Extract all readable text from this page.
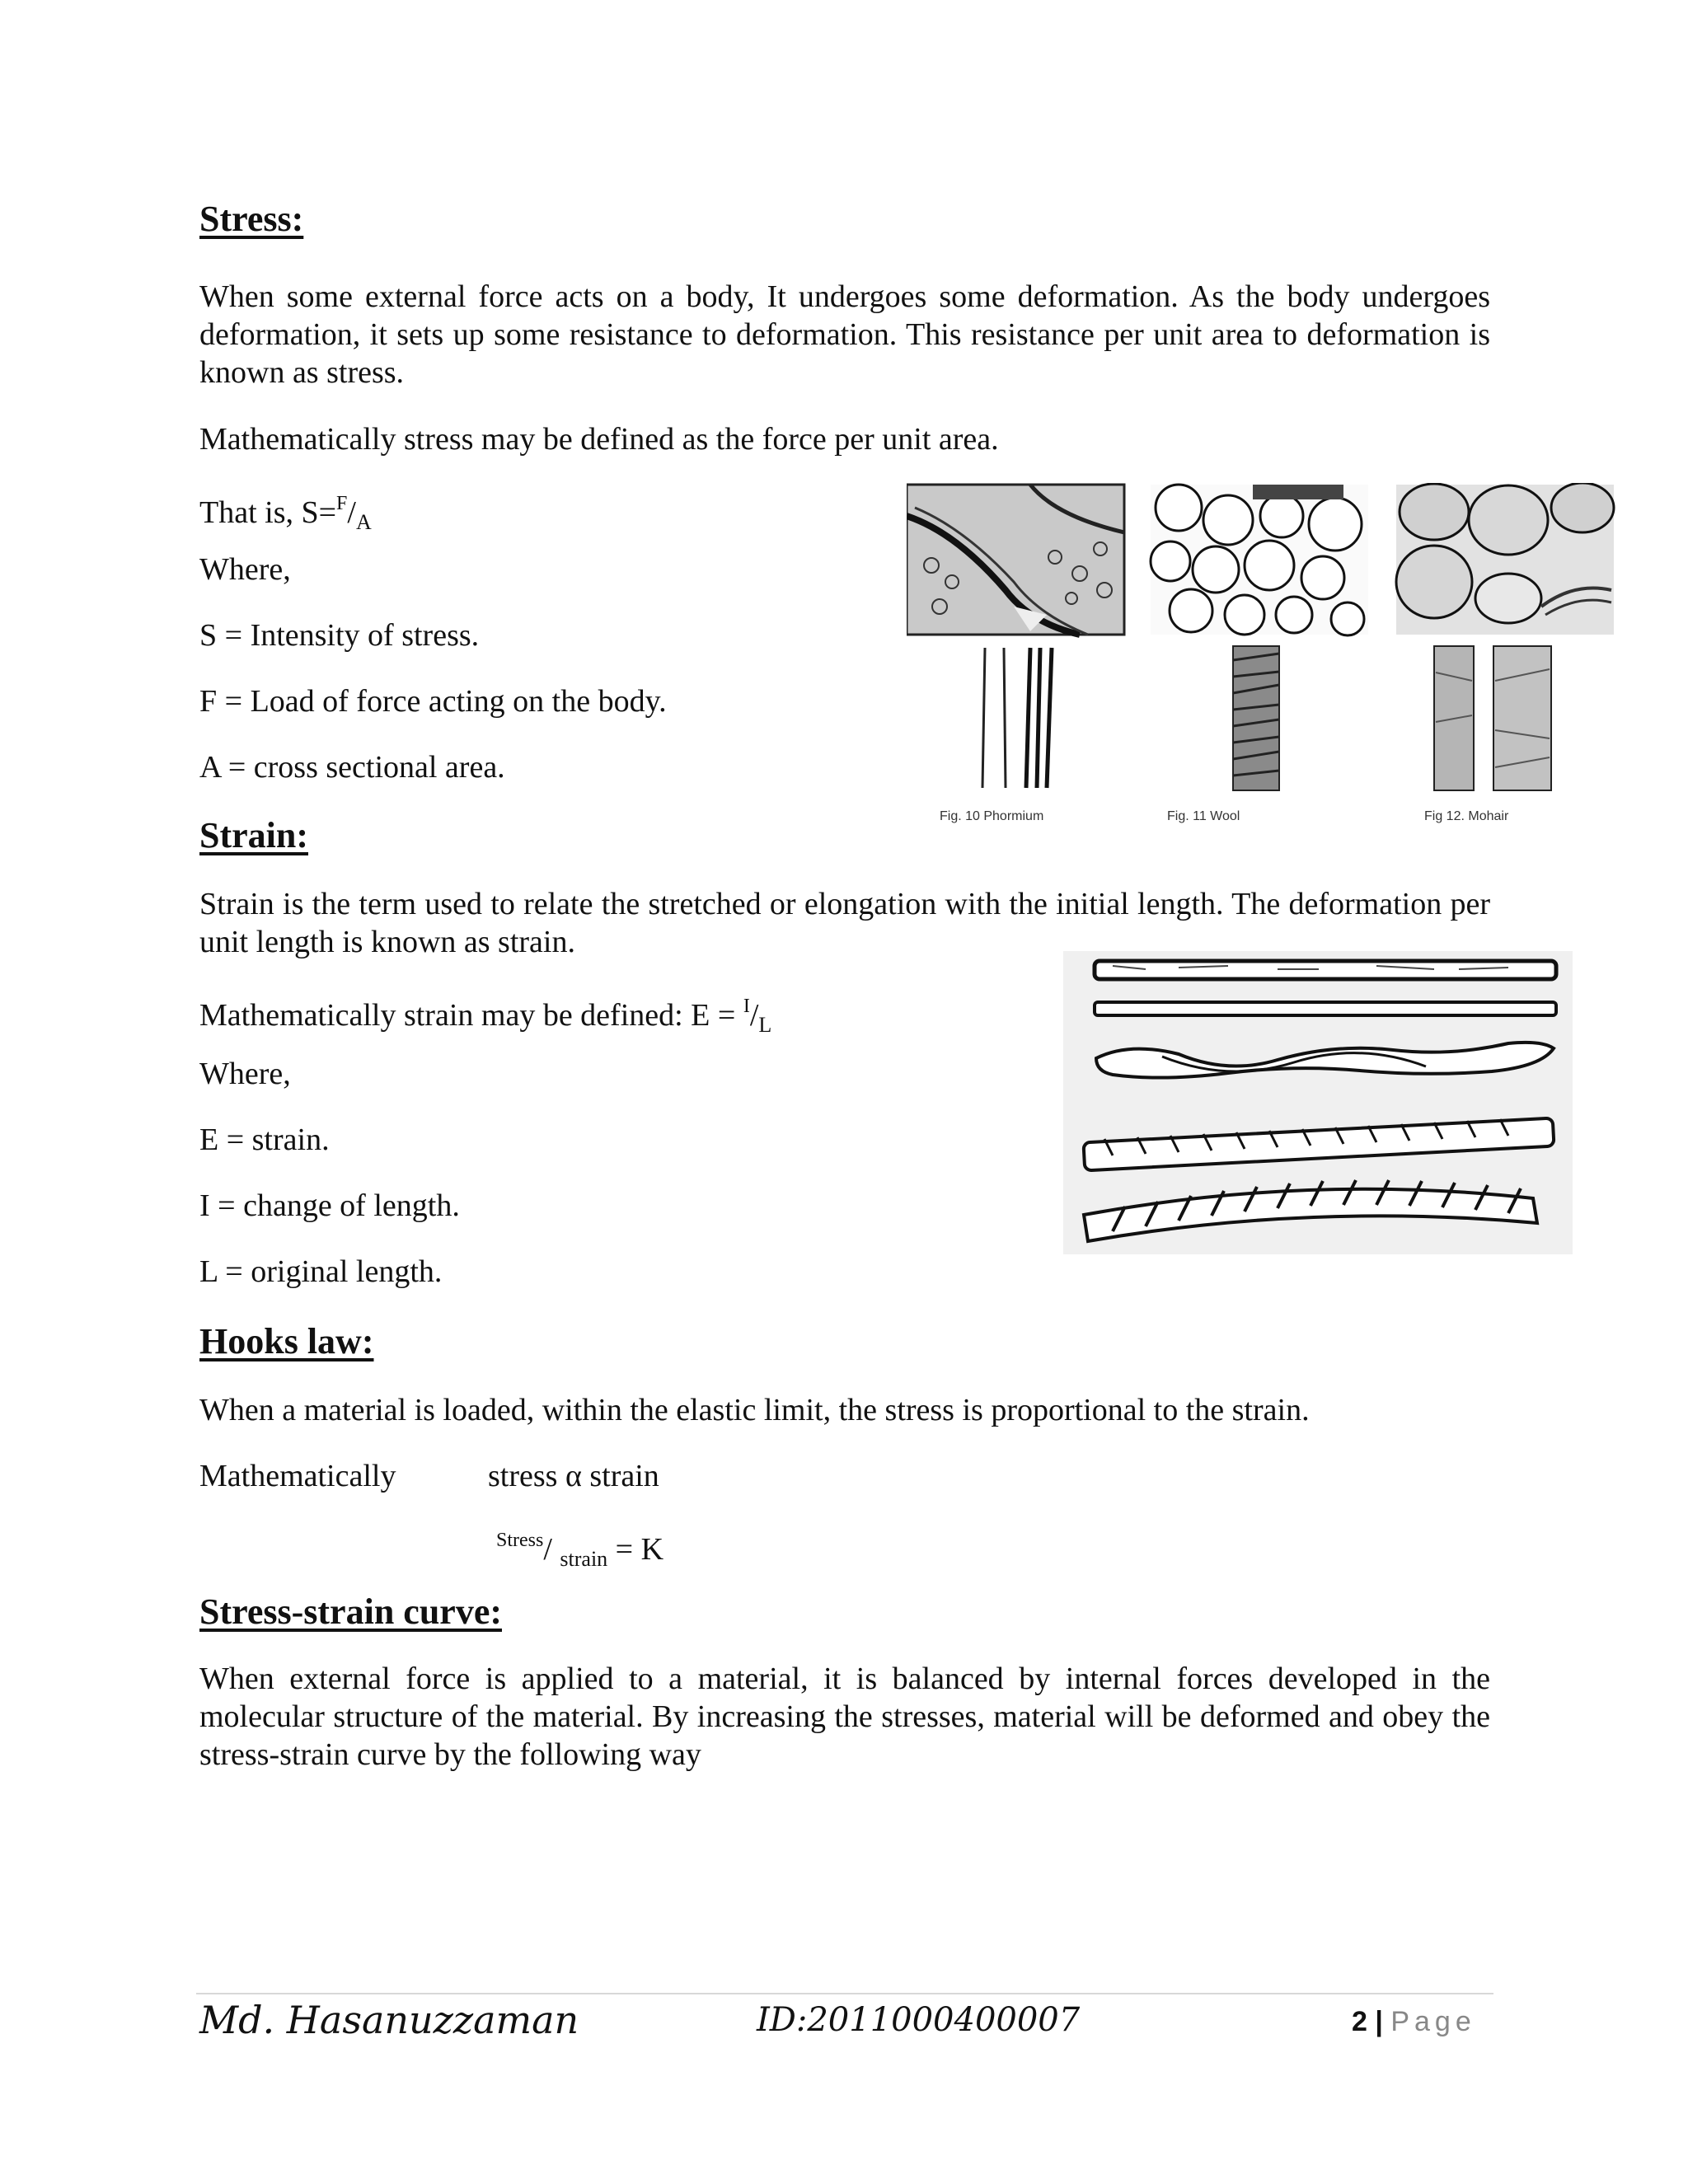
Stress:
When some external force acts on a body, It undergoes some deformation. As the body undergoes deformation, it sets up some resistance to deformation. This resistance per unit area to deformation is known as stress.
Mathematically stress may be defined as the force per unit area.
That is, $S=^F/_A$
Where,
S = Intensity of stress.
F = Load of force acting on the body.
A = cross sectional area.
Fig. 10 Phormium	Fig. 11 Wool	Fig 12. Mohair
Strain:
Strain is the term used to relate the stretched or elongation with the initial length. The deformation per unit length is known as strain.
Mathematically strain may be defined: $E = ^I/_L$
Where,
E = strain.
I = change of length.
L = original length.
Hooks law:
When a material is loaded, within the elastic limit, the stress is proportional to the strain.
Mathematically	stress α strain
$^{Stress}$/ $_{strain}$ = K
Stress-strain curve:
When external force is applied to a material, it is balanced by internal forces developed in the molecular structure of the material. By increasing the stresses, material will be deformed and obey the stress-strain curve by the following way
Md. Hasanuzzaman	ID:2011000400007	2 | Page
